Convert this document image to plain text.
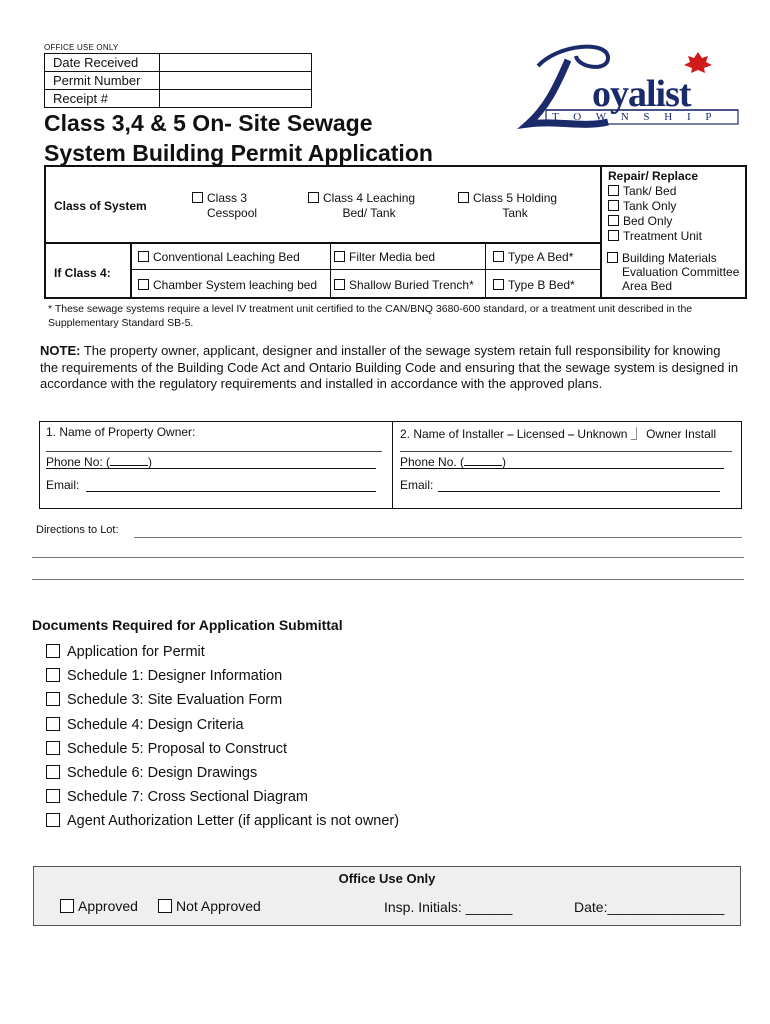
OFFICE USE ONLY
Date Received
Permit Number
Receipt #
Class 3,4 & 5 On- Site Sewage
System Building Permit Application
oyalist
T O W N S H I P
Class of System
Class 3
Cesspool
Class 4 Leaching
Bed/ Tank
Class 5 Holding
Tank
Repair/ Replace
Tank/ Bed
Tank Only
Bed Only
Treatment Unit
If Class 4:
Conventional Leaching Bed	Filter Media bed	Type A Bed*
Chamber System leaching bed	Shallow Buried Trench*	Type B Bed*
Building Materials
Evaluation Committee
Area Bed
* These sewage systems require a level IV treatment unit certified to the CAN/BNQ 3680-600 standard, or a treatment unit described in the Supplementary Standard SB-5.
NOTE: The property owner, applicant, designer and installer of the sewage system retain full responsibility for knowing the requirements of the Building Code Act and Ontario Building Code and ensuring that the sewage system is designed in accordance with the regulatory requirements and installed in accordance with the approved plans.
1. Name of Property Owner:	2. Name of Installer ⎯ Licensed ⎯ Unknown ⏌ Owner Install
Phone No: (	)	Phone No. (	)
Email:	Email:
Directions to Lot:
Documents Required for Application Submittal
Application for Permit
Schedule 1: Designer Information
Schedule 3: Site Evaluation Form
Schedule 4: Design Criteria
Schedule 5: Proposal to Construct
Schedule 6: Design Drawings
Schedule 7: Cross Sectional Diagram
Agent Authorization Letter (if applicant is not owner)
Office Use Only
Approved	Not Approved	Insp. Initials: ______	Date:_______________
